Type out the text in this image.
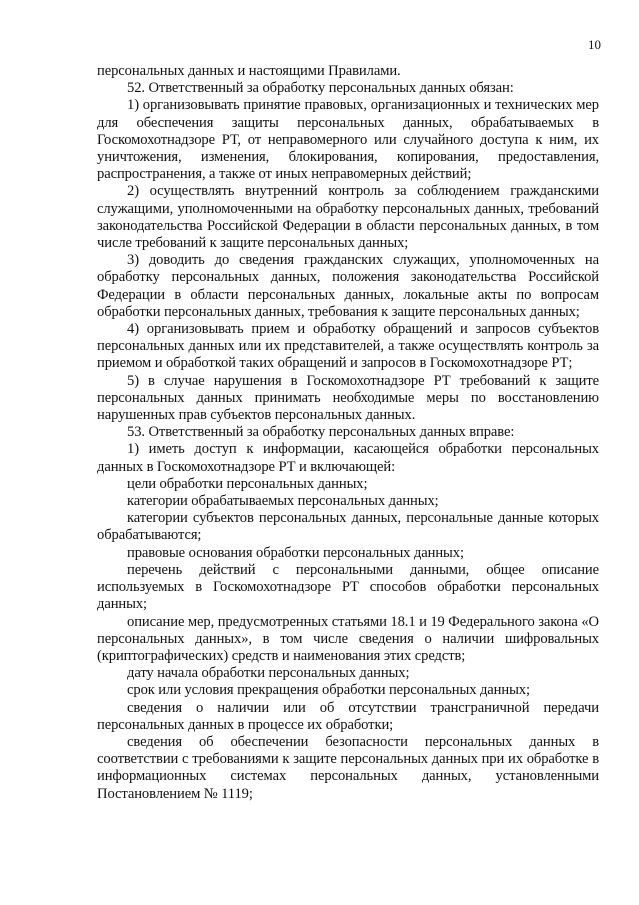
10

персональных данных и настоящими Правилами.

52. Ответственный за обработку персональных данных обязан:

1) организовывать принятие правовых, организационных и технических мер для обеспечения защиты персональных данных, обрабатываемых в Госкомохотнадзоре РТ, от неправомерного или случайного доступа к ним, их уничтожения, изменения, блокирования, копирования, предоставления, распространения, а также от иных неправомерных действий;

2) осуществлять внутренний контроль за соблюдением гражданскими служащими, уполномоченными на обработку персональных данных, требований законодательства Российской Федерации в области персональных данных, в том числе требований к защите персональных данных;

3) доводить до сведения гражданских служащих, уполномоченных на обработку персональных данных, положения законодательства Российской Федерации в области персональных данных, локальные акты по вопросам обработки персональных данных, требования к защите персональных данных;

4) организовывать прием и обработку обращений и запросов субъектов персональных данных или их представителей, а также осуществлять контроль за приемом и обработкой таких обращений и запросов в Госкомохотнадзоре РТ;

5) в случае нарушения в Госкомохотнадзоре РТ требований к защите персональных данных принимать необходимые меры по восстановлению нарушенных прав субъектов персональных данных.

53. Ответственный за обработку персональных данных вправе:

1) иметь доступ к информации, касающейся обработки персональных данных в Госкомохотнадзоре РТ и включающей:

цели обработки персональных данных;

категории обрабатываемых персональных данных;

категории субъектов персональных данных, персональные данные которых обрабатываются;

правовые основания обработки персональных данных;

перечень действий с персональными данными, общее описание используемых в Госкомохотнадзоре РТ способов обработки персональных данных;

описание мер, предусмотренных статьями 18.1 и 19 Федерального закона «О персональных данных», в том числе сведения о наличии шифровальных (криптографических) средств и наименования этих средств;

дату начала обработки персональных данных;

срок или условия прекращения обработки персональных данных;

сведения о наличии или об отсутствии трансграничной передачи персональных данных в процессе их обработки;

сведения об обеспечении безопасности персональных данных в соответствии с требованиями к защите персональных данных при их обработке в информационных системах персональных данных, установленными Постановлением № 1119;
